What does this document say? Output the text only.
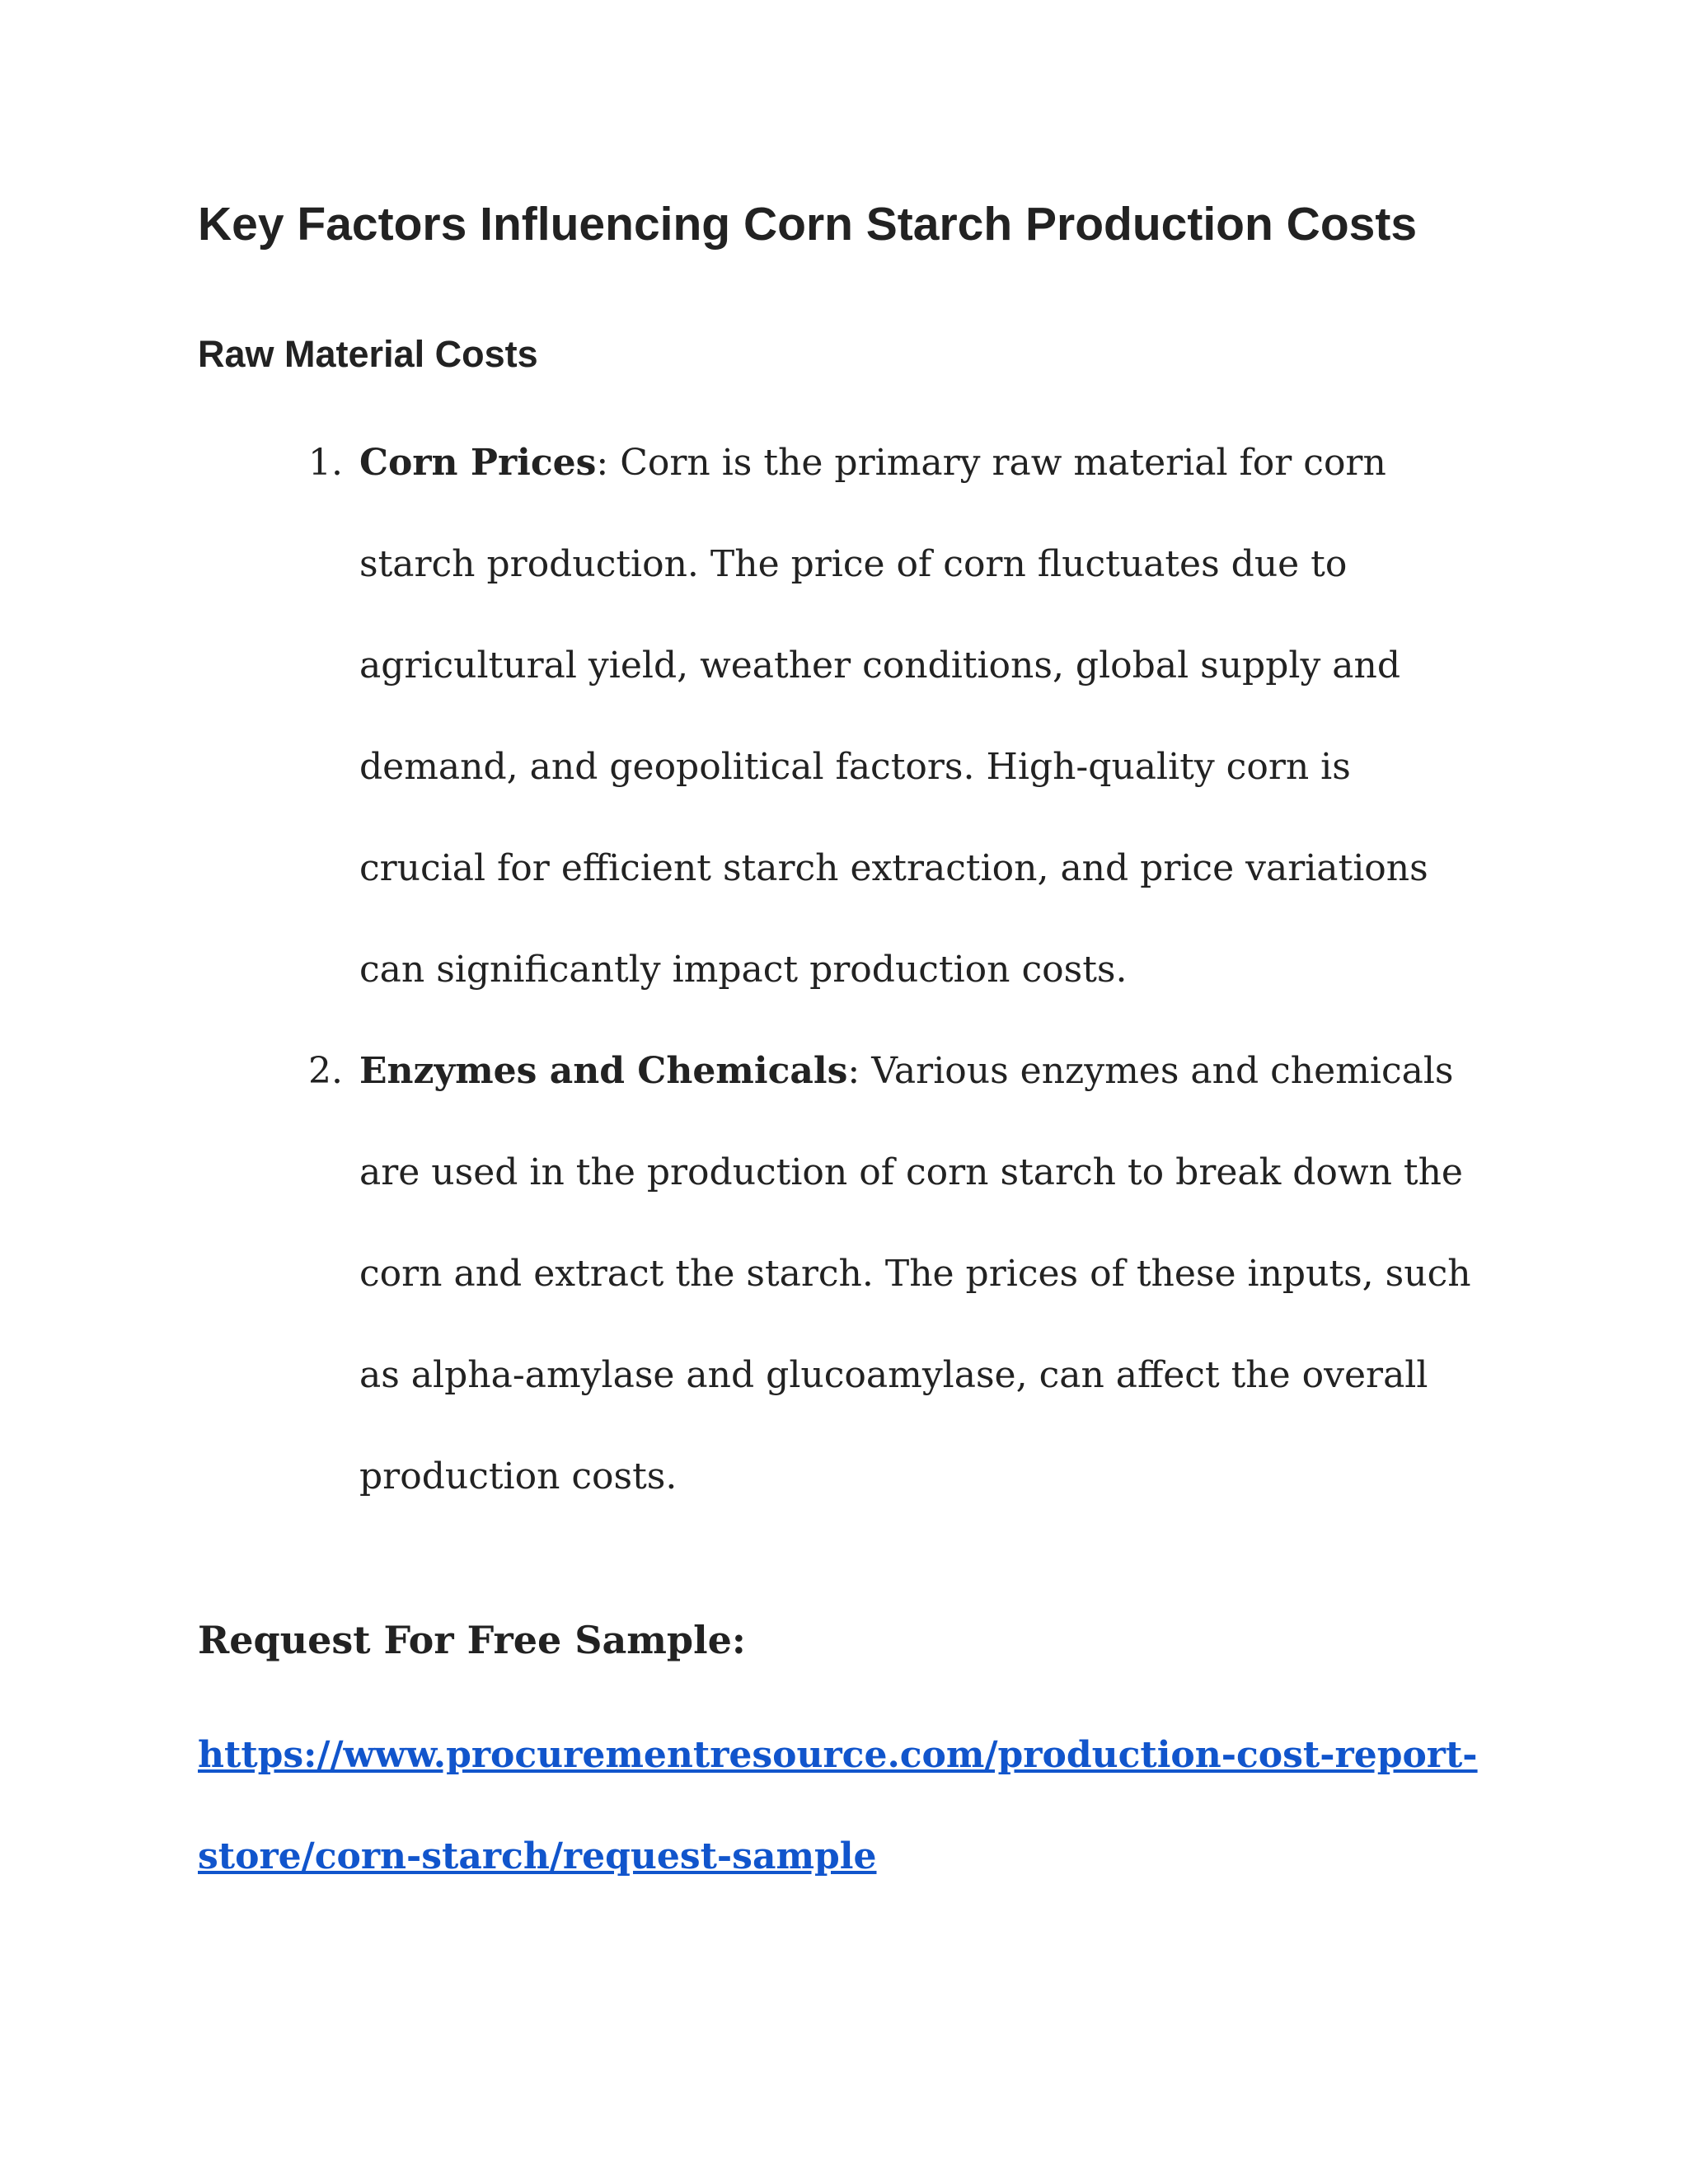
Key Factors Influencing Corn Starch Production Costs
Raw Material Costs
1. Corn Prices: Corn is the primary raw material for corn starch production. The price of corn fluctuates due to agricultural yield, weather conditions, global supply and demand, and geopolitical factors. High-quality corn is crucial for efficient starch extraction, and price variations can significantly impact production costs.
2. Enzymes and Chemicals: Various enzymes and chemicals are used in the production of corn starch to break down the corn and extract the starch. The prices of these inputs, such as alpha-amylase and glucoamylase, can affect the overall production costs.
Request For Free Sample:
https://www.procurementresource.com/production-cost-report-store/corn-starch/request-sample
